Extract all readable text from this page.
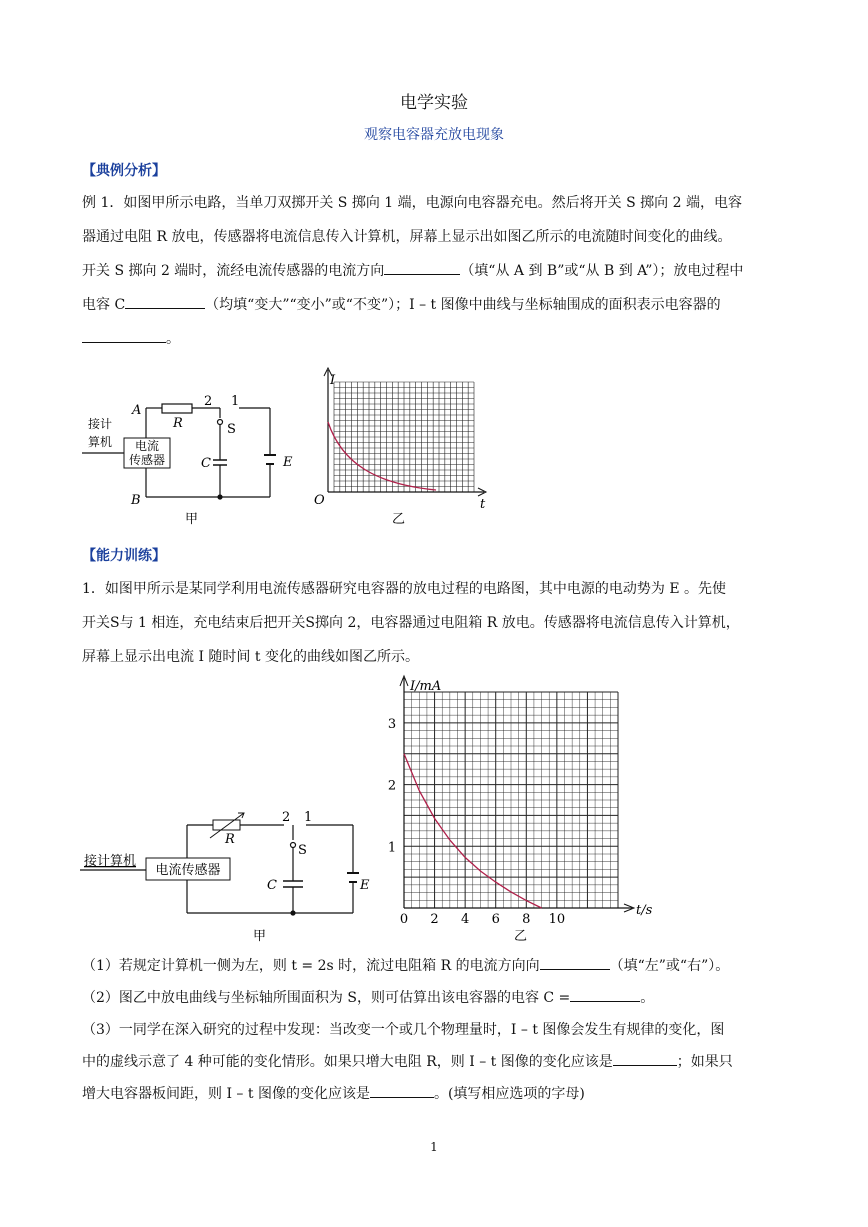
电学实验
观察电容器充放电现象
【典例分析】
例 1．如图甲所示电路，当单刀双掷开关 S 掷向 1 端，电源向电容器充电。然后将开关 S 掷向 2 端，电容
器通过电阻 R 放电，传感器将电流信息传入计算机，屏幕上显示出如图乙所示的电流随时间变化的曲线。
开关 S 掷向 2 端时，流经电流传感器的电流方向	（填“从 A 到 B”或“从 B 到 A”）；放电过程中
电容 C	（均填“变大”“变小”或“不变”）；I – t 图像中曲线与坐标轴围成的面积表示电容器的
。
电流
传感器
接计
算机
A
B
R
2 1
S
C	E
甲
I
t
O
乙
【能力训练】
1．如图甲所示是某同学利用电流传感器研究电容器的放电过程的电路图，其中电源的电动势为 E 。先使
开关S与 1 相连，充电结束后把开关S掷向 2，电容器通过电阻箱 R 放电。传感器将电流信息传入计算机，
屏幕上显示出电流 I 随时间 t 变化的曲线如图乙所示。
电流传感器
接计算机
R
2 1
S
C	E
甲
I/mA
t/s
1
2
3
0 2 4 6 8 10
乙
（1）若规定计算机一侧为左，则 t = 2s 时，流过电阻箱 R 的电流方向向	（填“左”或“右”）。
（2）图乙中放电曲线与坐标轴所围面积为 S，则可估算出该电容器的电容 C =	。
（3）一同学在深入研究的过程中发现：当改变一个或几个物理量时，I – t 图像会发生有规律的变化，图
中的虚线示意了 4 种可能的变化情形。如果只增大电阻 R，则 I – t 图像的变化应该是	；如果只
增大电容器板间距，则 I – t 图像的变化应该是	。(填写相应选项的字母)
1
